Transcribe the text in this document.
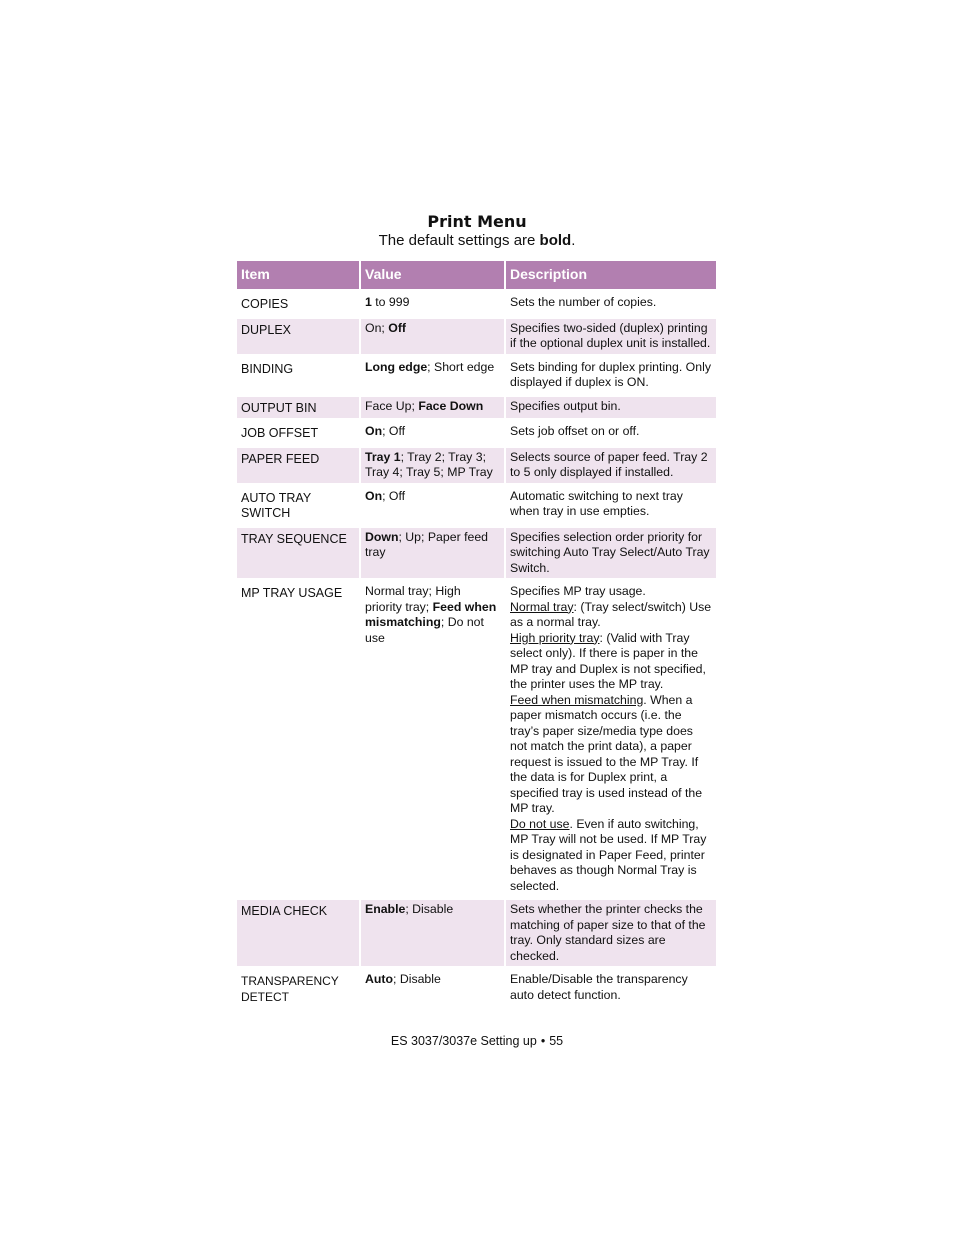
Print Menu

The default settings are bold.

Item	Value	Description
COPIES	1 to 999	Sets the number of copies.
DUPLEX	On; Off	Specifies two-sided (duplex) printing if the optional duplex unit is installed.
BINDING	Long edge; Short edge	Sets binding for duplex printing. Only displayed if duplex is ON.
OUTPUT BIN	Face Up; Face Down	Specifies output bin.
JOB OFFSET	On; Off	Sets job offset on or off.
PAPER FEED	Tray 1; Tray 2; Tray 3; Tray 4; Tray 5; MP Tray	Selects source of paper feed. Tray 2 to 5 only displayed if installed.
AUTO TRAY SWITCH	On; Off	Automatic switching to next tray when tray in use empties.
TRAY SEQUENCE	Down; Up; Paper feed tray	Specifies selection order priority for switching Auto Tray Select/Auto Tray Switch.
MP TRAY USAGE	Normal tray; High priority tray; Feed when mismatching; Do not use	Specifies MP tray usage.
Normal tray: (Tray select/switch) Use as a normal tray.
High priority tray: (Valid with Tray select only). If there is paper in the MP tray and Duplex is not specified, the printer uses the MP tray.
Feed when mismatching. When a paper mismatch occurs (i.e. the tray’s paper size/media type does not match the print data), a paper request is issued to the MP Tray. If the data is for Duplex print, a specified tray is used instead of the MP tray.
Do not use. Even if auto switching, MP Tray will not be used. If MP Tray is designated in Paper Feed, printer behaves as though Normal Tray is selected.
MEDIA CHECK	Enable; Disable	Sets whether the printer checks the matching of paper size to that of the tray. Only standard sizes are checked.
TRANSPARENCY DETECT	Auto; Disable	Enable/Disable the transparency auto detect function.

ES 3037/3037e Setting up • 55
